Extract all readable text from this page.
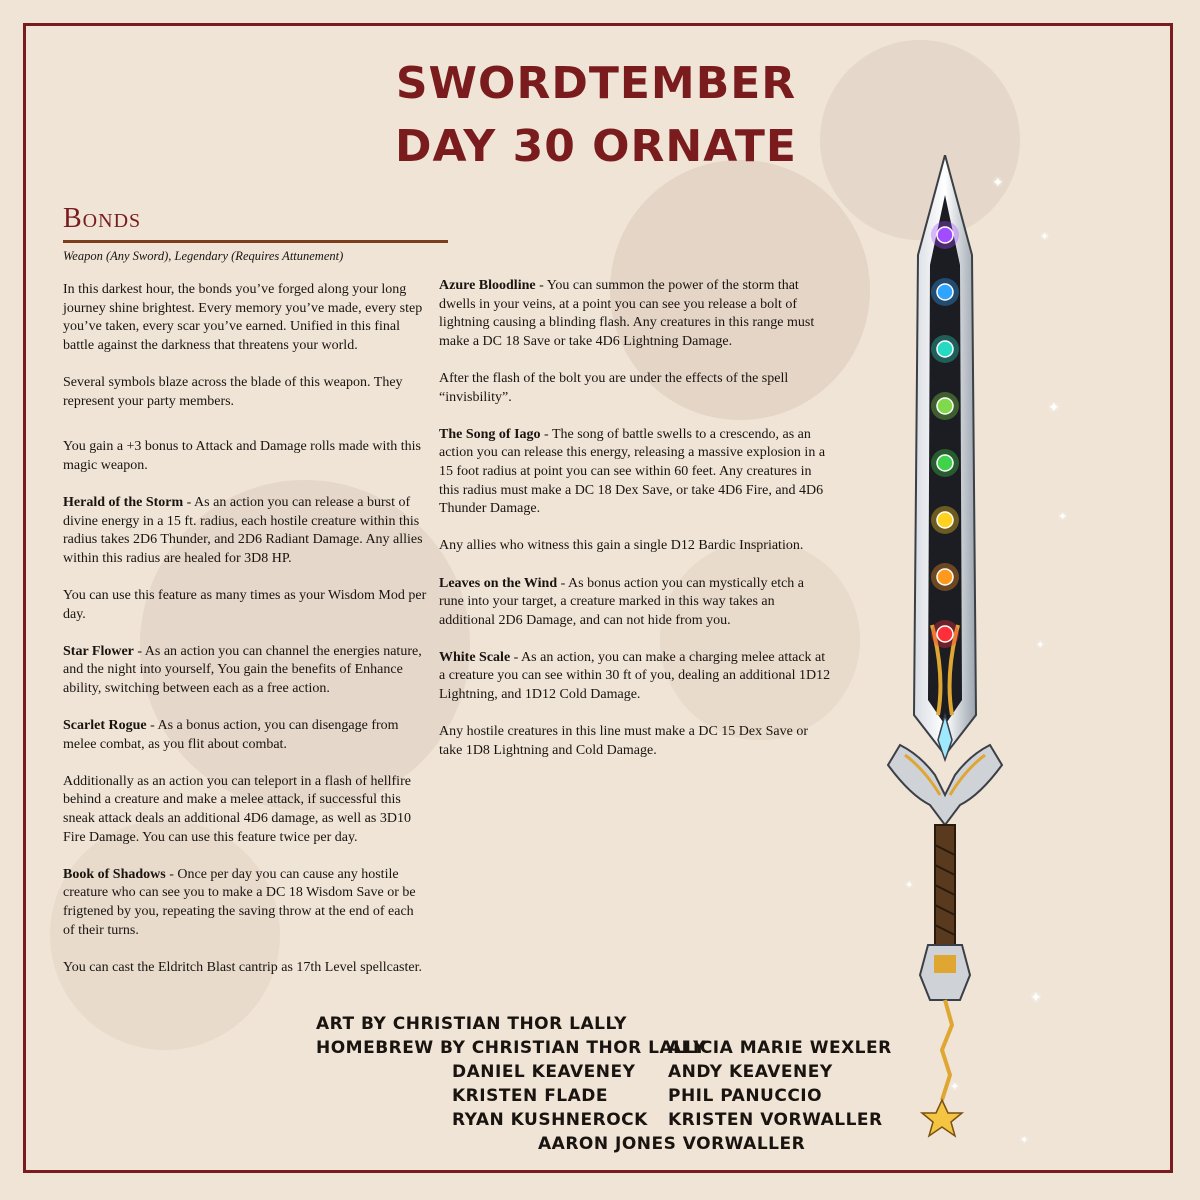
SWORDTEMBER
DAY 30 ORNATE
Bonds
Weapon (Any Sword), Legendary (Requires Attunement)

In this darkest hour, the bonds you’ve forged along your long journey shine brightest. Every memory you’ve made, every step you’ve taken, every scar you’ve earned. Unified in this final battle against the darkness that threatens your world.

Several symbols blaze across the blade of this weapon. They represent your party members.

You gain a +3 bonus to Attack and Damage rolls made with this magic weapon.

Herald of the Storm - As an action you can release a burst of divine energy in a 15 ft. radius, each hostile creature within this radius takes 2D6 Thunder, and 2D6 Radiant Damage. Any allies within this radius are healed for 3D8 HP.

You can use this feature as many times as your Wisdom Mod per day.

Star Flower - As an action you can channel the energies nature, and the night into yourself, You gain the benefits of Enhance ability, switching between each as a free action.

Scarlet Rogue - As a bonus action, you can disengage from melee combat, as you flit about combat.

Additionally as an action you can teleport in a flash of hellfire behind a creature and make a melee attack, if successful this sneak attack deals an additional 4D6 damage, as well as 3D10 Fire Damage. You can use this feature twice per day.

Book of Shadows - Once per day you can cause any hostile creature who can see you to make a DC 18 Wisdom Save or be frigtened by you, repeating the saving throw at the end of each of their turns.

You can cast the Eldritch Blast cantrip as 17th Level spellcaster.

Azure Bloodline - You can summon the power of the storm that dwells in your veins, at a point you can see you release a bolt of lightning causing a blinding flash. Any creatures in this range must make a DC 18 Save or take 4D6 Lightning Damage.

After the flash of the bolt you are under the effects of the spell “invisbility”.

The Song of Iago - The song of battle swells to a crescendo, as an action you can release this energy, releasing a massive explosion in a 15 foot radius at point you can see within 60 feet. Any creatures in this radius must make a DC 18 Dex Save, or take 4D6 Fire, and 4D6 Thunder Damage.

Any allies who witness this gain a single D12 Bardic Inspriation.

Leaves on the Wind - As bonus action you can mystically etch a rune into your target, a creature marked in this way takes an additional 2D6 Damage, and can not hide from you.

White Scale - As an action, you can make a charging melee attack at a creature you can see within 30 ft of you, dealing an additional 1D12 Lightning, and 1D12 Cold Damage.

Any hostile creatures in this line must make a DC 15 Dex Save or take 1D8 Lightning and Cold Damage.

ART BY CHRISTIAN THOR LALLY
HOMEBREW BY CHRISTIAN THOR LALLY
ALICIA MARIE WEXLER
DANIEL KEAVENEY ANDY KEAVENEY
KRISTEN FLADE	PHIL PANUCCIO
RYAN KUSHNEROCK KRISTEN VORWALLER
AARON JONES VORWALLER
✦
✦
✦
✦
✦
✦
✦
✦
✦
